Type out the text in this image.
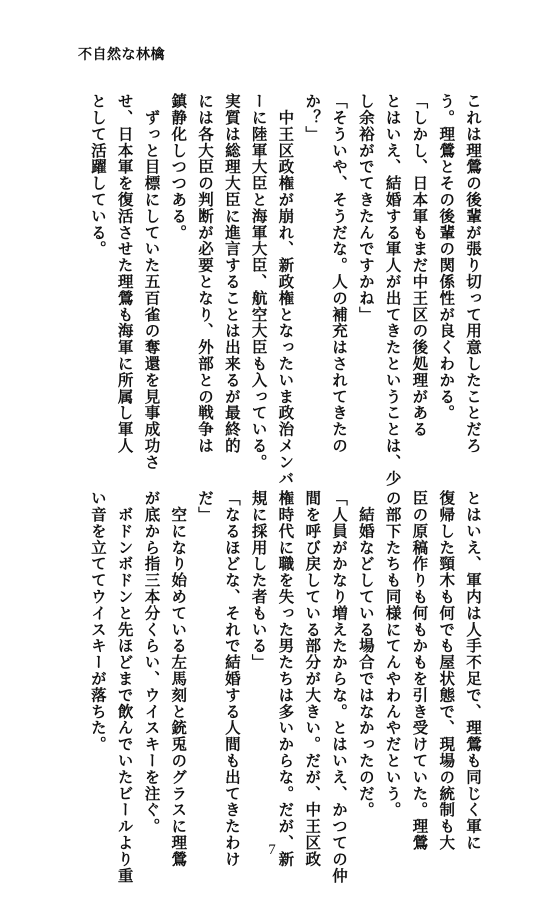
不自然な林檎

これは理鶯の後輩が張り切って用意したことだろ

う。理鶯とその後輩の関係性が良くわかる。

「しかし、日本軍もまだ中王区の後処理がある

とはいえ、結婚する軍人が出てきたということは、少

し余裕がでてきたんですかね」

「そういや、そうだな。人の補充はされてきたの

か？」

　中王区政権が崩れ、新政権となったいま政治メンバ

ーに陸軍大臣と海軍大臣、航空大臣も入っている。

実質は総理大臣に進言することは出来るが最終的

には各大臣の判断が必要となり、外部との戦争は

鎮静化しつつある。

　ずっと目標にしていた五百雀の奪還を見事成功さ

せ、日本軍を復活させた理鶯も海軍に所属し軍人

として活躍している。

とはいえ、軍内は人手不足で、理鶯も同じく軍に

復帰した頸木も何でも屋状態で、現場の統制も大

臣の原稿作りも何もかもを引き受けていた。理鶯

の部下たちも同様にてんやわんやだという。

　結婚などしている場合ではなかったのだ。

「人員がかなり増えたからな。とはいえ、かつての仲

間を呼び戻している部分が大きい。だが、中王区政

権時代に職を失った男たちは多いからな。だが、新

規に採用した者もいる」

「なるほどな、それで結婚する人間も出てきたわけ

だ」

　空になり始めている左馬刻と銃兎のグラスに理鶯

が底から指三本分くらい、ウイスキーを注ぐ。

　ボドンボドンと先ほどまで飲んでいたビールより重

い音を立ててウイスキーが落ちた。

7
